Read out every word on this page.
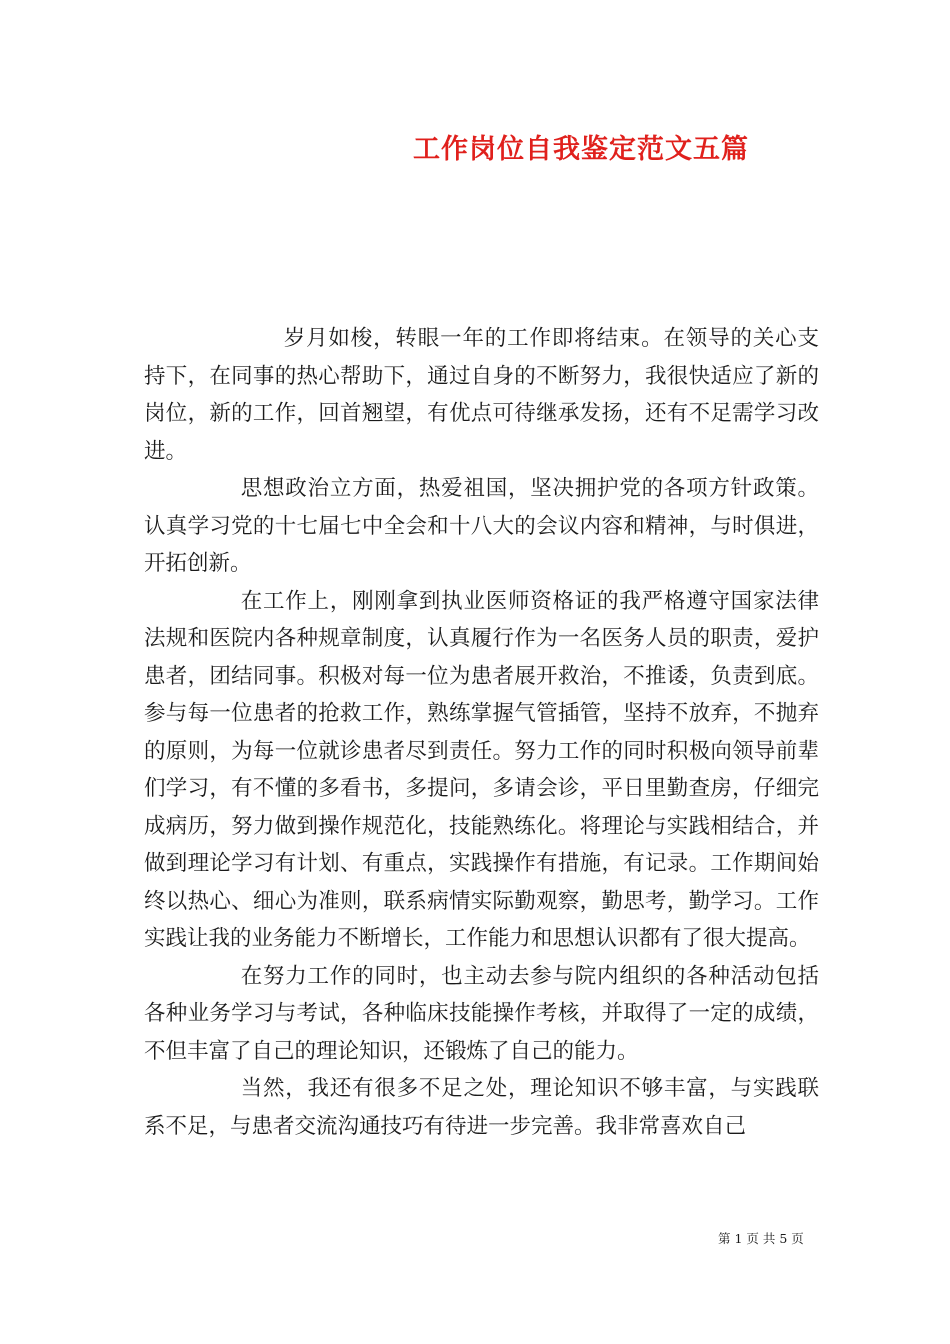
工作岗位自我鉴定范文五篇

岁月如梭，转眼一年的工作即将结束。在领导的关心支持下，在同事的热心帮助下，通过自身的不断努力，我很快适应了新的岗位，新的工作，回首翘望，有优点可待继承发扬，还有不足需学习改进。

思想政治立方面，热爱祖国，坚决拥护党的各项方针政策。认真学习党的十七届七中全会和十八大的会议内容和精神，与时俱进，开拓创新。

在工作上，刚刚拿到执业医师资格证的我严格遵守国家法律法规和医院内各种规章制度，认真履行作为一名医务人员的职责，爱护患者，团结同事。积极对每一位为患者展开救治，不推诿，负责到底。参与每一位患者的抢救工作，熟练掌握气管插管，坚持不放弃，不抛弃的原则，为每一位就诊患者尽到责任。努力工作的同时积极向领导前辈们学习，有不懂的多看书，多提问，多请会诊，平日里勤查房，仔细完成病历，努力做到操作规范化，技能熟练化。将理论与实践相结合，并做到理论学习有计划、有重点，实践操作有措施，有记录。工作期间始终以热心、细心为准则，联系病情实际勤观察，勤思考，勤学习。工作实践让我的业务能力不断增长，工作能力和思想认识都有了很大提高。

在努力工作的同时，也主动去参与院内组织的各种活动包括各种业务学习与考试，各种临床技能操作考核，并取得了一定的成绩，不但丰富了自己的理论知识，还锻炼了自己的能力。

当然，我还有很多不足之处，理论知识不够丰富，与实践联系不足，与患者交流沟通技巧有待进一步完善。我非常喜欢自己

第 1 页 共 5 页
